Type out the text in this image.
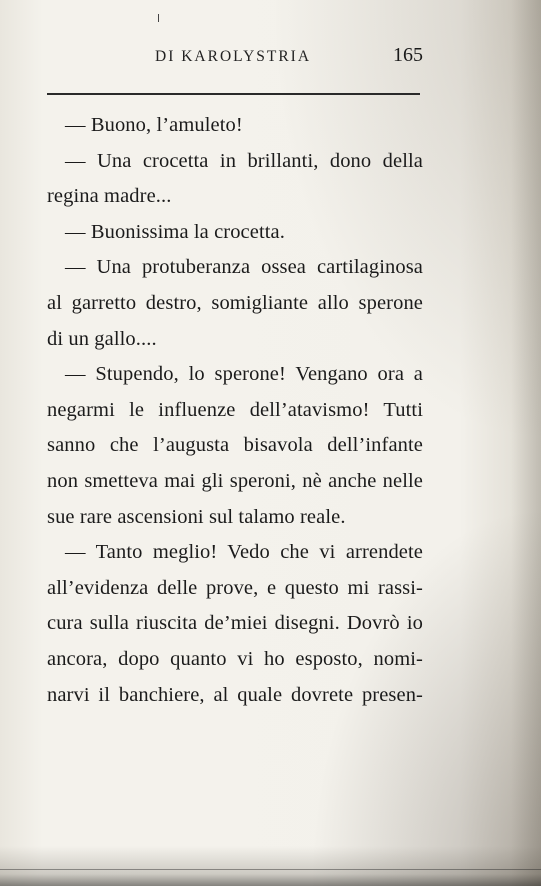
DI KAROLYSTRIA	165
— Buono, l’amuleto!
— Una crocetta in brillanti, dono della
regina madre...
— Buonissima la crocetta.
— Una protuberanza ossea cartilaginosa
al garretto destro, somigliante allo sperone
di un gallo....
— Stupendo, lo sperone! Vengano ora a
negarmi le influenze dell’atavismo! Tutti
sanno che l’augusta bisavola dell’infante
non smetteva mai gli speroni, nè anche nelle
sue rare ascensioni sul talamo reale.
— Tanto meglio! Vedo che vi arrendete
all’evidenza delle prove, e questo mi rassi-
cura sulla riuscita de’miei disegni. Dovrò io
ancora, dopo quanto vi ho esposto, nomi-
narvi il banchiere, al quale dovrete presen-
